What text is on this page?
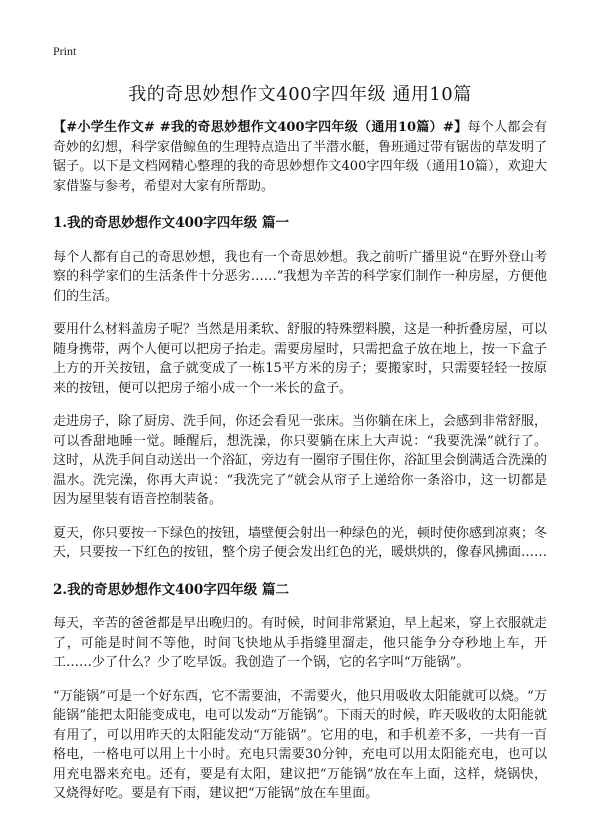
Print
我的奇思妙想作文400字四年级 通用10篇

【#小学生作文# #我的奇思妙想作文400字四年级（通用10篇）#】每个人都会有奇妙的幻想，科学家借鲸鱼的生理特点造出了半潜水艇，鲁班通过带有锯齿的草发明了锯子。以下是文档网精心整理的我的奇思妙想作文400字四年级（通用10篇），欢迎大家借鉴与参考，希望对大家有所帮助。

1.我的奇思妙想作文400字四年级 篇一

每个人都有自己的奇思妙想，我也有一个奇思妙想。我之前听广播里说“在野外登山考察的科学家们的生活条件十分恶劣……”我想为辛苦的科学家们制作一种房屋，方便他们的生活。

要用什么材料盖房子呢？当然是用柔软、舒服的特殊塑料膜，这是一种折叠房屋，可以随身携带，两个人便可以把房子抬走。需要房屋时，只需把盒子放在地上，按一下盒子上方的开关按钮，盒子就变成了一栋15平方米的房子；要搬家时，只需要轻轻一按原来的按钮，便可以把房子缩小成一个一米长的盒子。

走进房子，除了厨房、洗手间，你还会看见一张床。当你躺在床上，会感到非常舒服，可以香甜地睡一觉。睡醒后，想洗澡，你只要躺在床上大声说：“我要洗澡”就行了。这时，从洗手间自动送出一个浴缸，旁边有一圈帘子围住你，浴缸里会倒满适合洗澡的温水。洗完澡，你再大声说：“我洗完了”就会从帘子上递给你一条浴巾，这一切都是因为屋里装有语音控制装备。

夏天，你只要按一下绿色的按钮，墙壁便会射出一种绿色的光，顿时使你感到凉爽；冬天，只要按一下红色的按钮，整个房子便会发出红色的光，暖烘烘的，像春风拂面……

2.我的奇思妙想作文400字四年级 篇二

每天，辛苦的爸爸都是早出晚归的。有时候，时间非常紧迫，早上起来，穿上衣服就走了，可能是时间不等他，时间飞快地从手指缝里溜走，他只能争分夺秒地上车，开工……少了什么？少了吃早饭。我创造了一个锅，它的名字叫“万能锅”。

“万能锅”可是一个好东西，它不需要油，不需要火，他只用吸收太阳能就可以烧。“万能锅”能把太阳能变成电，电可以发动“万能锅”。下雨天的时候，昨天吸收的太阳能就有用了，可以用昨天的太阳能发动“万能锅”。它用的电，和手机差不多，一共有一百格电，一格电可以用上十小时。充电只需要30分钟，充电可以用太阳能充电，也可以用充电器来充电。还有，要是有太阳，建议把“万能锅”放在车上面，这样，烧锅快，又烧得好吃。要是有下雨，建议把“万能锅”放在车里面。
